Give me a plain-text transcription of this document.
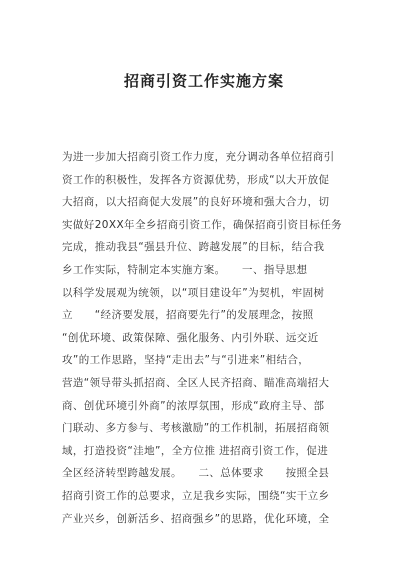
招商引资工作实施方案
为进一步加大招商引资工作力度，充分调动各单位招商引
资工作的积极性，发挥各方资源优势，形成“以大开放促
大招商，以大招商促大发展”的良好环境和强大合力，切
实做好20XX年全乡招商引资工作，确保招商引资目标任务
完成，推动我县“强县升位、跨越发展”的目标，结合我
乡工作实际，特制定本实施方案。　　一、指导思想
以科学发展观为统领，以“项目建设年”为契机，牢固树
立　　“经济要发展，招商要先行”的发展理念，按照
“创优环境、政策保障、强化服务、内引外联、远交近
攻”的工作思路，坚持“走出去”与“引进来”相结合，
营造“领导带头抓招商、全区人民齐招商、瞄准高端招大
商、创优环境引外商”的浓厚氛围，形成“政府主导、部
门联动、多方参与、考核激励”的工作机制，拓展招商领
域，打造投资“洼地”，全方位推 进招商引资工作，促进
全区经济转型跨越发展。　　二、总体要求　　按照全县
招商引资工作的总要求，立足我乡实际，围绕“实干立乡
产业兴乡，创新活乡、招商强乡”的思路，优化环境，全
